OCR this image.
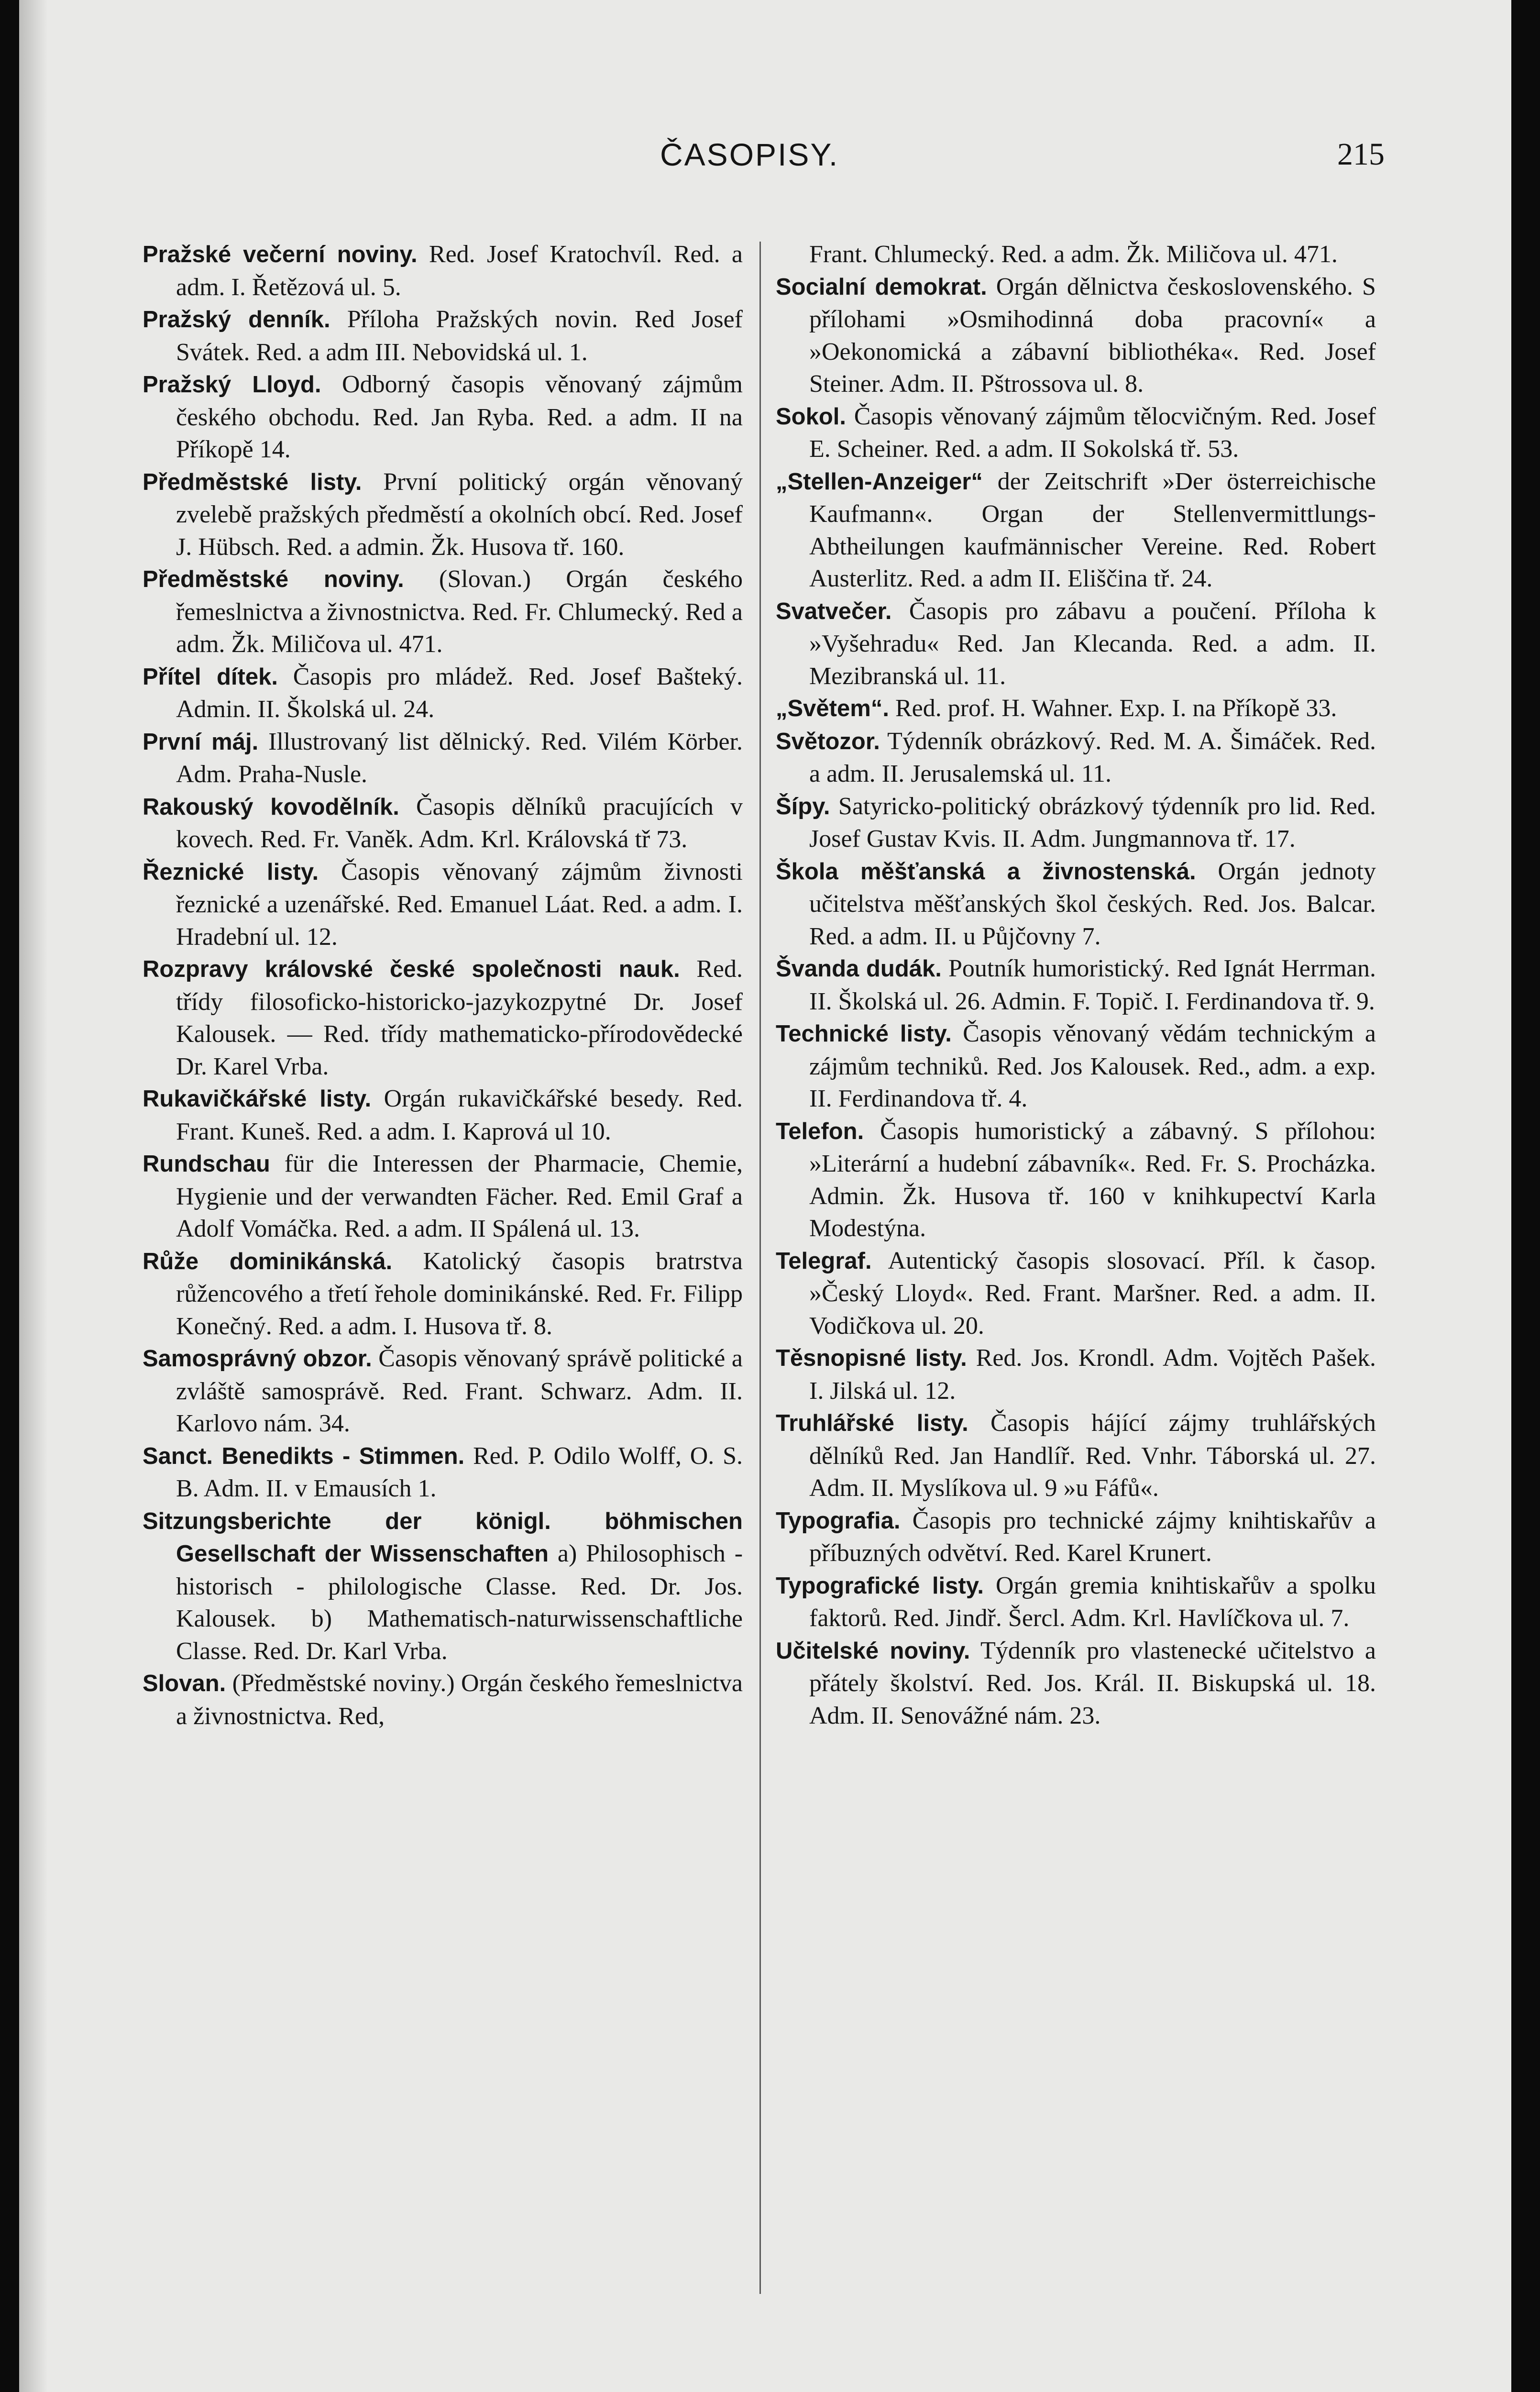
ČASOPISY.	215

Pražské večerní noviny. Red. Josef Kratochvíl. Red. a adm. I. Řetězová ul. 5.

Pražský denník. Příloha Pražských novin. Red Josef Svátek. Red. a adm III. Nebovidská ul. 1.

Pražský Lloyd. Odborný časopis věnovaný zájmům českého obchodu. Red. Jan Ryba. Red. a adm. II na Příkopě 14.

Předměstské listy. První politický orgán věnovaný zvelebě pražských předměstí a okolních obcí. Red. Josef J. Hübsch. Red. a admin. Žk. Husova tř. 160.

Předměstské noviny. (Slovan.) Orgán českého řemeslnictva a živnostnictva. Red. Fr. Chlumecký. Red a adm. Žk. Miličova ul. 471.

Přítel dítek. Časopis pro mládež. Red. Josef Bašteký. Admin. II. Školská ul. 24.

První máj. Illustrovaný list dělnický. Red. Vilém Körber. Adm. Praha-Nusle.

Rakouský kovodělník. Časopis dělníků pracujících v kovech. Red. Fr. Vaněk. Adm. Krl. Královská tř 73.

Řeznické listy. Časopis věnovaný zájmům živnosti řeznické a uzenářské. Red. Emanuel Láat. Red. a adm. I. Hradební ul. 12.

Rozpravy královské české společnosti nauk. Red. třídy filosoficko-historicko-jazykozpytné Dr. Josef Kalousek. — Red. třídy mathematicko-přírodovědecké Dr. Karel Vrba.

Rukavičkářské listy. Orgán rukavičkářské besedy. Red. Frant. Kuneš. Red. a adm. I. Kaprová ul 10.

Rundschau für die Interessen der Pharmacie, Chemie, Hygienie und der verwandten Fächer. Red. Emil Graf a Adolf Vomáčka. Red. a adm. II Spálená ul. 13.

Růže dominikánská. Katolický časopis bratrstva růžencového a třetí řehole dominikánské. Red. Fr. Filipp Konečný. Red. a adm. I. Husova tř. 8.

Samosprávný obzor. Časopis věnovaný správě politické a zvláště samosprávě. Red. Frant. Schwarz. Adm. II. Karlovo nám. 34.

Sanct. Benedikts - Stimmen. Red. P. Odilo Wolff, O. S. B. Adm. II. v Emausích 1.

Sitzungsberichte der königl. böhmischen Gesellschaft der Wissenschaften a) Philosophisch - historisch - philologische Classe. Red. Dr. Jos. Kalousek. b) Mathematisch-naturwissenschaftliche Classe. Red. Dr. Karl Vrba.

Slovan. (Předměstské noviny.) Orgán českého řemeslnictva a živnostnictva. Red,

Frant. Chlumecký. Red. a adm. Žk. Miličova ul. 471.

Socialní demokrat. Orgán dělnictva československého. S přílohami »Osmihodinná doba pracovní« a »Oekonomická a zábavní bibliothéka«. Red. Josef Steiner. Adm. II. Pštrossova ul. 8.

Sokol. Časopis věnovaný zájmům tělocvičným. Red. Josef E. Scheiner. Red. a adm. II Sokolská tř. 53.

„Stellen-Anzeiger“ der Zeitschrift »Der österreichische Kaufmann«. Organ der Stellenvermittlungs-Abtheilungen kaufmännischer Vereine. Red. Robert Austerlitz. Red. a adm II. Eliščina tř. 24.

Svatvečer. Časopis pro zábavu a poučení. Příloha k »Vyšehradu« Red. Jan Klecanda. Red. a adm. II. Mezibranská ul. 11.

„Světem“. Red. prof. H. Wahner. Exp. I. na Příkopě 33.

Světozor. Týdenník obrázkový. Red. M. A. Šimáček. Red. a adm. II. Jerusalemská ul. 11.

Šípy. Satyricko-politický obrázkový týdenník pro lid. Red. Josef Gustav Kvis. II. Adm. Jungmannova tř. 17.

Škola měšťanská a živnostenská. Orgán jednoty učitelstva měšťanských škol českých. Red. Jos. Balcar. Red. a adm. II. u Půjčovny 7.

Švanda dudák. Poutník humoristický. Red Ignát Herrman. II. Školská ul. 26. Admin. F. Topič. I. Ferdinandova tř. 9.

Technické listy. Časopis věnovaný vědám technickým a zájmům techniků. Red. Jos Kalousek. Red., adm. a exp. II. Ferdinandova tř. 4.

Telefon. Časopis humoristický a zábavný. S přílohou: »Literární a hudební zábavník«. Red. Fr. S. Procházka. Admin. Žk. Husova tř. 160 v knihkupectví Karla Modestýna.

Telegraf. Autentický časopis slosovací. Příl. k časop. »Český Lloyd«. Red. Frant. Maršner. Red. a adm. II. Vodičkova ul. 20.

Těsnopisné listy. Red. Jos. Krondl. Adm. Vojtěch Pašek. I. Jilská ul. 12.

Truhlářské listy. Časopis hájící zájmy truhlářských dělníků Red. Jan Handlíř. Red. Vnhr. Táborská ul. 27. Adm. II. Myslíkova ul. 9 »u Fáfů«.

Typografia. Časopis pro technické zájmy knihtiskařův a příbuzných odvětví. Red. Karel Krunert.

Typografické listy. Orgán gremia knihtiskařův a spolku faktorů. Red. Jindř. Šercl. Adm. Krl. Havlíčkova ul. 7.

Učitelské noviny. Týdenník pro vlastenecké učitelstvo a přátely školství. Red. Jos. Král. II. Biskupská ul. 18. Adm. II. Senovážné nám. 23.
